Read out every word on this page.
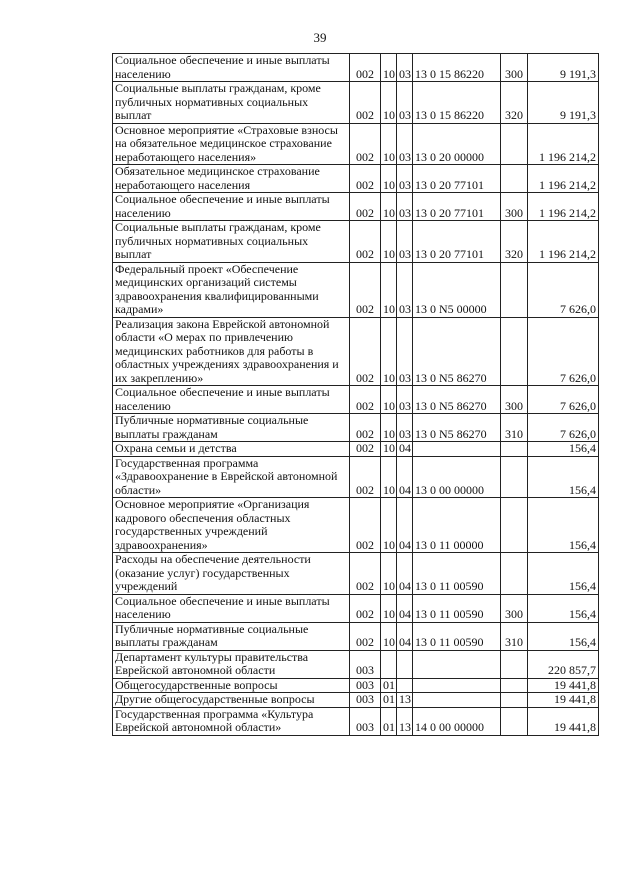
39
Социальное обеспечение и иные выплаты населению	002	10	03	13 0 15 86220	300	9 191,3
Социальные выплаты гражданам, кроме публичных нормативных социальных выплат	002	10	03	13 0 15 86220	320	9 191,3
Основное мероприятие «Страховые взносы на обязательное медицинское страхование неработающего населения»	002	10	03	13 0 20 00000		1 196 214,2
Обязательное медицинское страхование неработающего населения	002	10	03	13 0 20 77101		1 196 214,2
Социальное обеспечение и иные выплаты населению	002	10	03	13 0 20 77101	300	1 196 214,2
Социальные выплаты гражданам, кроме публичных нормативных социальных выплат	002	10	03	13 0 20 77101	320	1 196 214,2
Федеральный проект «Обеспечение медицинских организаций системы здравоохранения квалифицированными кадрами»	002	10	03	13 0 N5 00000		7 626,0
Реализация закона Еврейской автономной области «О мерах по привлечению медицинских работников для работы в областных учреждениях здравоохранения и их закреплению»	002	10	03	13 0 N5 86270		7 626,0
Социальное обеспечение и иные выплаты населению	002	10	03	13 0 N5 86270	300	7 626,0
Публичные нормативные социальные выплаты гражданам	002	10	03	13 0 N5 86270	310	7 626,0
Охрана семьи и детства	002	10	04			156,4
Государственная программа «Здравоохранение в Еврейской автономной области»	002	10	04	13 0 00 00000		156,4
Основное мероприятие «Организация кадрового обеспечения областных государственных учреждений здравоохранения»	002	10	04	13 0 11 00000		156,4
Расходы на обеспечение деятельности (оказание услуг) государственных учреждений	002	10	04	13 0 11 00590		156,4
Социальное обеспечение и иные выплаты населению	002	10	04	13 0 11 00590	300	156,4
Публичные нормативные социальные выплаты гражданам	002	10	04	13 0 11 00590	310	156,4
Департамент культуры правительства Еврейской автономной области	003					220 857,7
Общегосударственные вопросы	003	01				19 441,8
Другие общегосударственные вопросы	003	01	13			19 441,8
Государственная программа «Культура Еврейской автономной области»	003	01	13	14 0 00 00000		19 441,8
